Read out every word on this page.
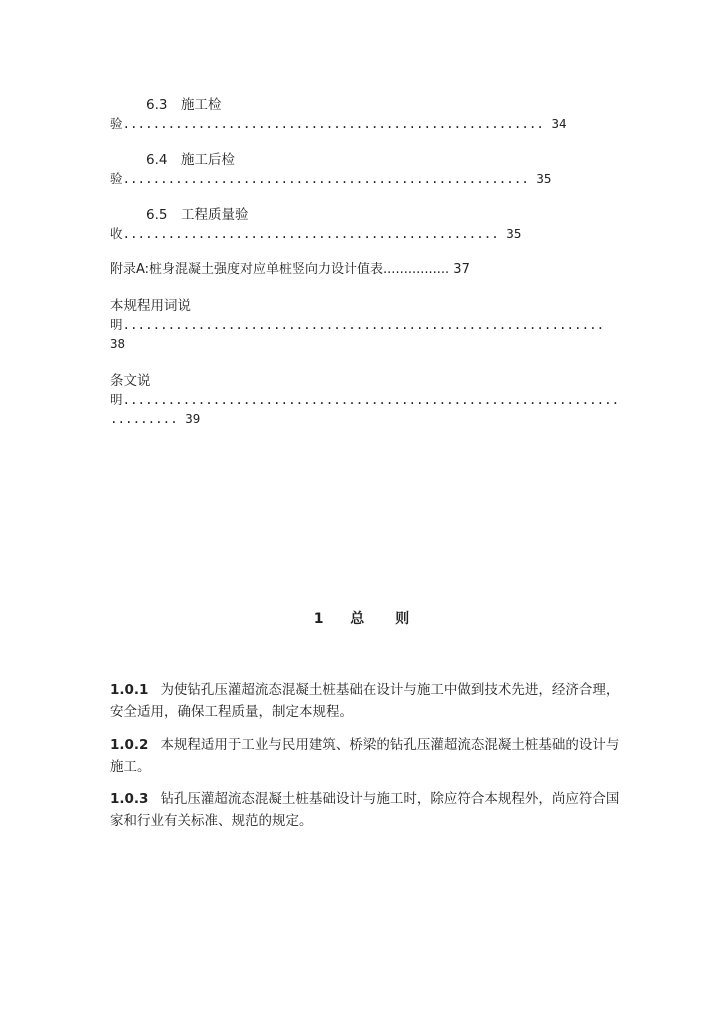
6.3　施工检
验........................................................ 34
6.4　施工后检
验...................................................... 35
6.5　工程质量验
收.................................................. 35
附录A:桩身混凝土强度对应单桩竖向力设计值表................ 37
本规程用词说
明................................................................
38
条文说
明..................................................................
......... 39
1 总　　则
1.0.1 为使钻孔压灌超流态混凝土桩基础在设计与施工中做到技术先进，经济合理，安全适用，确保工程质量，制定本规程。
1.0.2 本规程适用于工业与民用建筑、桥梁的钻孔压灌超流态混凝土桩基础的设计与施工。
1.0.3 钻孔压灌超流态混凝土桩基础设计与施工时，除应符合本规程外，尚应符合国家和行业有关标准、规范的规定。
